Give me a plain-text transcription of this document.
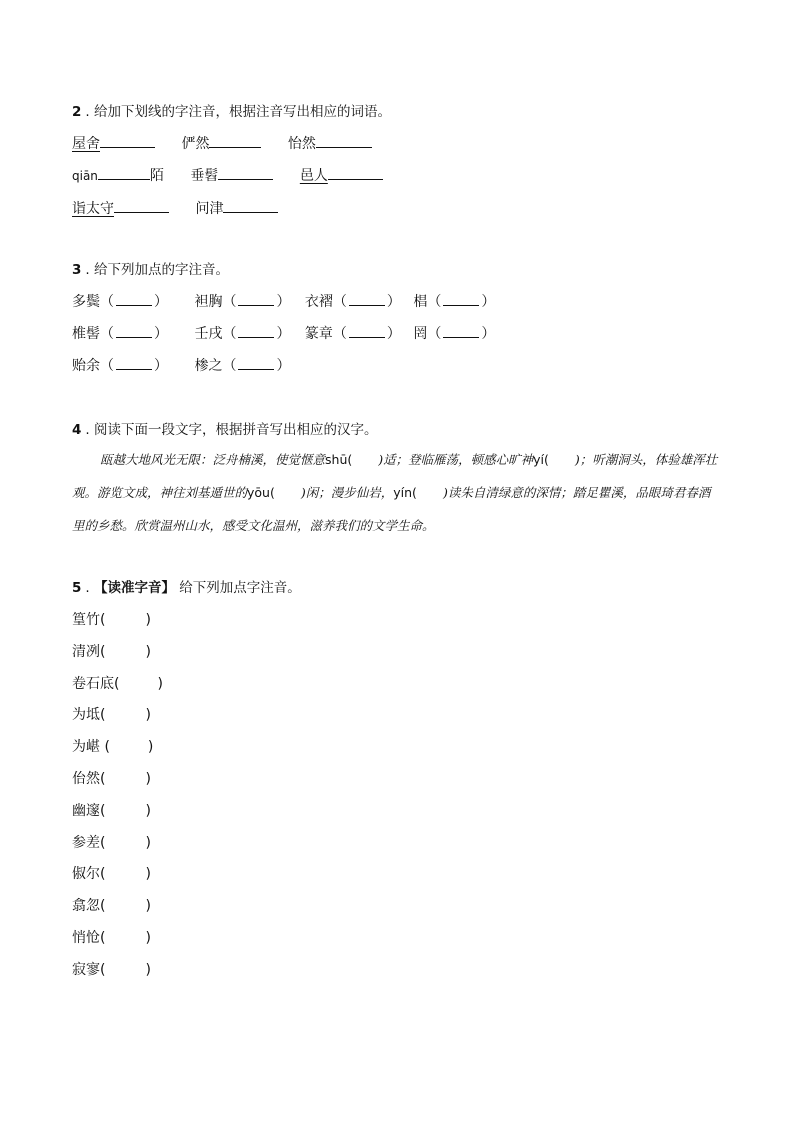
2 . 给加下划线的字注音，根据注音写出相应的词语。
屋舍	俨然	怡然
qiān	陌 垂髫	邑人
诣太守	问津
3 . 给下列加点的字注音。
多鬓（	） 袒胸（	） 衣褶（	） 椙（	）
椎髻（	） 壬戌（	） 篆章（	） 罔（	）
贻余（	） 椮之（	）
4 . 阅读下面一段文字，根据拼音写出相应的汉字。
瓯越大地风光无限：泛舟楠溪，使觉惬意shū( )适；登临雁荡，顿感心旷神yí( )；听潮洞头，体验雄浑壮观。游览文成，神往刘基遁世的yōu( )闲；漫步仙岩，yín( )读朱自清绿意的深情；踏足瞿溪，品眼琦君春酒里的乡愁。欣赏温州山水，感受文化温州，滋养我们的文学生命。
5 . 【读准字音】 给下列加点字注音。
篁竹(	)
清冽(	)
卷石底(	)
为坻(	)
为嵁 (	)
佁然(	)
幽邃(	)
参差(	)
俶尔(	)
翕忽(	)
悄怆(	)
寂寥(	)
